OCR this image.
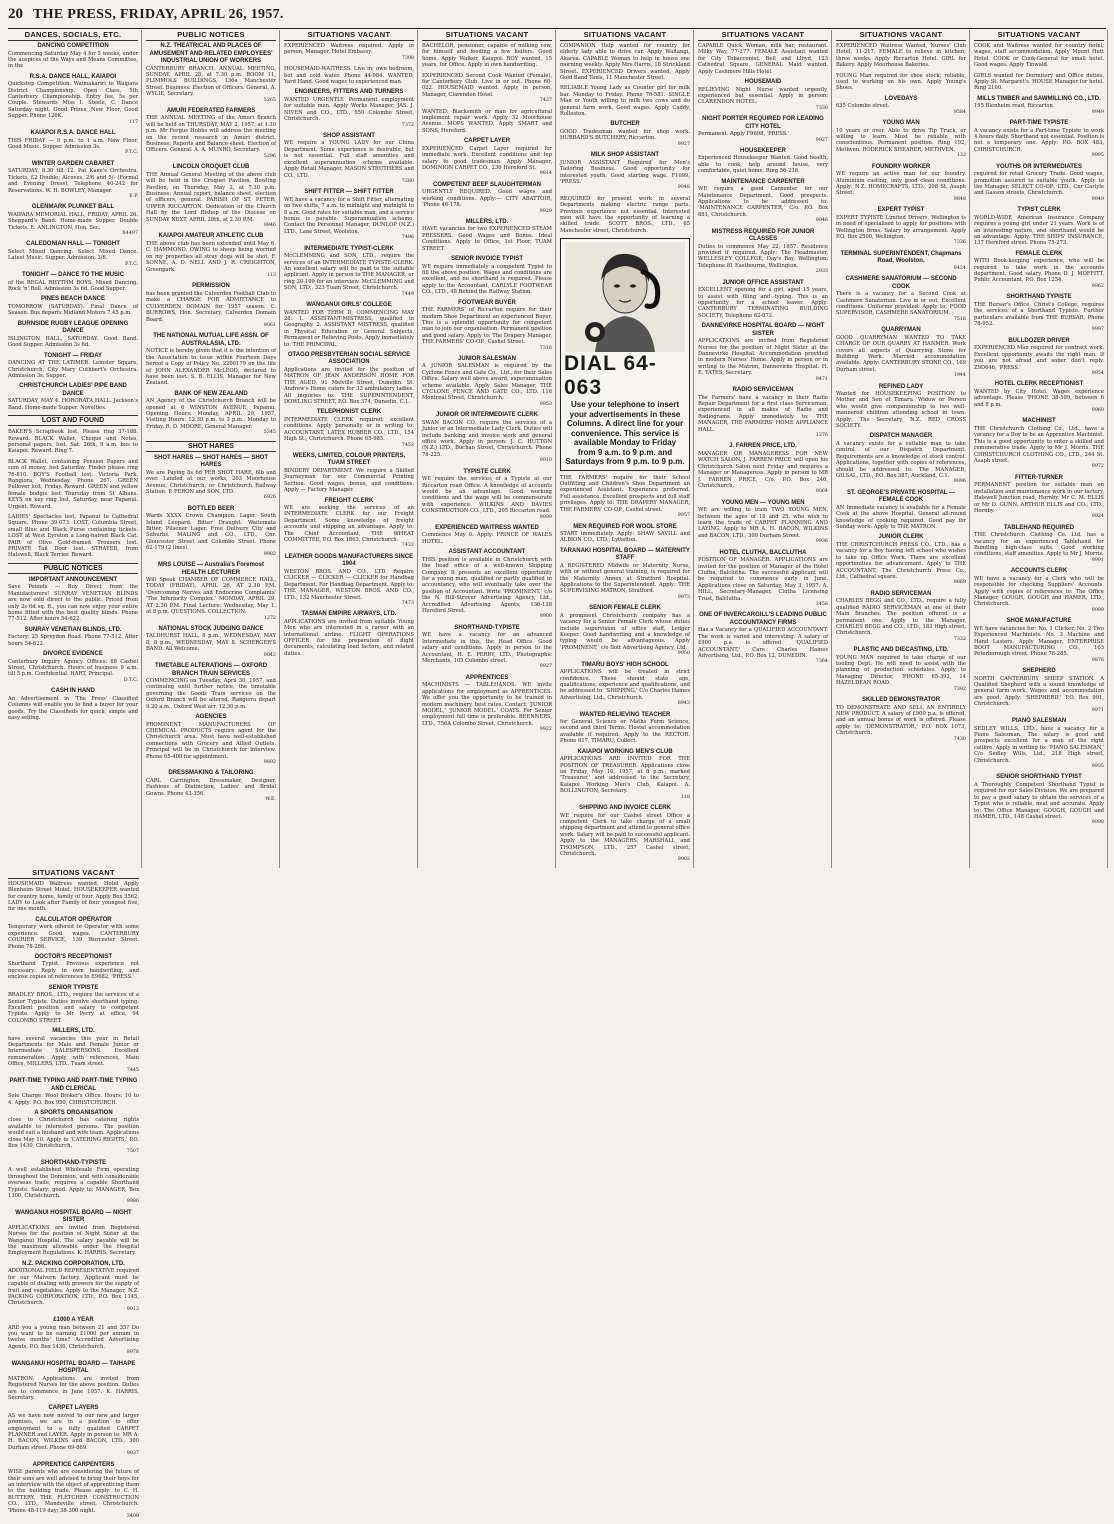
20 THE PRESS, FRIDAY, APRIL 26, 1957.
DANCES, SOCIALS, ETC.
DANCING COMPETITION
Commencing Saturday May 4 for 5 weeks, under the auspices of the Ways and Means Committee, in the
R.S.A. DANCE HALL, KAIAPOI
Quickstep Competition. Waimakariri to Waipara District Championship. Open Class, 5th Canterbury Championship. Entry fee, 5s per Couple. Stewards Miss I. Steele, C. Dance Saturday night. Good Prizes, New Floor, Good Supper. Phone 126K.
117
KAIAPOI R.S.A. DANCE HALL
THIS FRIDAY — 9 p.m. to 1 a.m. New Floor. Good Music. Supper. Admission 3s.
P.T.C.
WINTER GARDEN CABARET
SATURDAY, 8.30 till 12. Pat Kane's Orchestra. Tickets, £2 Double; Alcoves, 2/6 and 5/- (Formal and Evening Dress). Telephone 40-242 for Reservations. W. H. BOWLEY, Manager.
E.P.
GLENMARK PLUNKET BALL
WAIPARA MEMORIAL HALL, FRIDAY, APRIL 26. Sheppard's Band. Home-made Supper. Double Tickets. E. ANLINGTON, Hon. Sec.
X4497
CALEDONIAN HALL — TONIGHT
Select Mixed Dancing. Select Mixed Dance. Latest Music. Supper. Admission, 3/6.
P.T.C.
TONIGHT — DANCE TO THE MUSIC
of the REGAL RHYTHM BOYS. Mixed Dancing. Rock 'n' Roll. Admission 3s 6d. Good Supper.
PINES BEACH DANCE
TOMORROW (SATURDAY). Final Dance of Season. Bus departs Midland Motors 7.45 p.m.
BURNSIDE RUGBY LEAGUE OPENING DANCE
ISLINGTON HALL, SATURDAY. Good Band. Good Supper. Admission 3s 6d.
TONIGHT — FRIDAY
DANCING AT THE LATIMER. Leinster Square, Christchurch. City Mary Cuthbert's Orchestra. Admission 3s. Supper.
CHRISTCHURCH LADIES' PIPE BAND DANCE
SATURDAY, MAY 4. HORORATA HALL. Jackson's Band. Home-made Supper. Novelties.
LOST AND FOUND
BAKER'S Scrapbook lost. Please ring 37-188. Reward. BLACK Wallet, Cheque and Notes, personal papers, lost. Sat. 26th, 9 a.m. bus to Kaiapoi. Reward. Ring 7.
BLACK Wallet, containing Pension Papers and sum of money, lost Saturday. Finder please ring 76-810. BOY'S Football lost, Victoria Park. Rangiora, Wednesday. Phone 267. GREEN Pullover lost, Friday. Reward. GREEN and yellow female budgie lost Thursday from St Albans. KEYS on key ring lost, Saturday, near Papanui. Urgent. Reward.
LADIES' Spectacles lost, Papanui to Cathedral Square. Phone 39-073. LOST, Columbia Street, small Blue and Black Purse containing tickets. LOST at West Eyreton a Long-haired Black Cat. PAIR of Olive Gold-framed Trousers lost. PRIVATE Tail Door lost. STRAYED, from Halswell, Black Terrier. Reward.
PUBLIC NOTICES
IMPORTANT ANNOUNCEMENT
Save Pounds — Buy Direct from the Manufacturers! SUNRAY VENETIAN BLINDS are now sold direct to the public. Priced from only 2s 6d sq. ft., you can now enjoy your entire home fitted with the best quality blinds. Phone 77-512. After hours 54-622.
SUNRAY VENETIAN BLINDS, LTD.
Factory: 25 Spreydon Road. Phone 77-512. After hours 54-622.
DIVORCE EVIDENCE
Canterbury Inquiry Agency. Offices: 68 Cashel Street, Christchurch. Hours of business 9 a.m. till 5 p.m. Confidential. HART, Principal.
D.T.C.
CASH IN HAND
An Advertisement in 'The Press' Classified Columns will enable you to find a buyer for your goods. Try the Classifieds for quick, simple and easy selling.
PUBLIC NOTICES
N.Z. THEATRICAL AND PLACES OF AMUSEMENT AND RELATED EMPLOYEES' INDUSTRIAL UNION OF WORKERS
CANTERBURY BRANCH. ANNUAL MEETING, SUNDAY, APRIL 28, at 7.30 p.m. ROOM 11, PLIMMOLS BUILDINGS, 136a Manchester Street. Business: Election of Officers. General. A. WYLIE, Secretary.
5265
AMURI FEDERATED FARMERS
THE ANNUAL MEETING of the Amuri Branch will be held on THURSDAY, MAY 2, 1957, at 1.30 p.m. Mr Fergus Hobbs will address the meeting on the recent research in Amuri district. Business: Reports and Balance-sheet. Election of Officers. General. A. A. MUNRO, Secretary.
5296
LINCOLN CROQUET CLUB
THE Annual General Meeting of the above club will be held in the Croquet Pavilion, Bowling Pavilion, on Thursday, May 2, at 7.30 p.m. Business: Annual report, balance sheet, election of officers, general. PARISH OF ST. PETER, UPPER RICCARTON. Dedication of the Church Hall by the Lord Bishop of the Diocese on SUNDAY NEXT, APRIL 28th, at 2.30 P.M.
9946
KAIAPOI AMATEUR ATHLETIC CLUB
THE above club has been extended until May 6. C. HAMMOND. OWING to sheep being worried on my properties all stray dogs will be shot. F. SONNE, A. D. NELL AND J. R. CREIGHTON, Greenpark.
113
PERMISSION
has been granted the Culverden Football Club to make a CHARGE FOR ADMITTANCE to CULVERDEN DOMAIN for 1957 season. C. BURROWS, Hon. Secretary, Culverden Domain Board.
9061
THE NATIONAL MUTUAL LIFE ASSN. OF AUSTRALASIA, LTD.
NOTICE is hereby given that it is the intention of the Association to issue within Fourteen Days hereof a Copy of Policy No. 2206179 on the life of JOHN ALEXANDER McLEOD, declared to have been lost. S. B. ELLIS, Manager for New Zealand.
BANK OF NEW ZEALAND
AN Agency of the Christchurch Branch will be opened at 6 WINSTON AVENUE, Papanui. Opening Hours: Monday, APRIL 29, 1957, Visiting Hours: 12.30 p.m. to 3 p.m., Monday to Friday. R. D. MOORE, General Manager.
5345
SHOT HARES
SHOT HARES — SHOT HARES — SHOT HARES
We are Paying 8s 6d PER SHOT HARE, 6lb and over. Landed at our works, 203 Moorhouse Avenue, Christchurch, or Christchurch Railway Station. P. FERON and SON, LTD.
6926
BOTTLED BEER
Wards XXXX Crown Champion. Lager. South Island Leopard. Bitter Draught. Waitemata Bitter. Pilsener Lager. Free Delivery City and Suburbs. MALING and CO., LTD., Cnr. Gloucester Street and Colombo Street. Phone 62-179 (2 lines).
9982
MRS LOUISE — Australia's Foremost HEALTH LECTURER
Will Speak CHAMBER OF COMMERCE HALL, TODAY (FRIDAY), APRIL 26, AT 2.30 P.M. 'Overcoming Nerves and Endocrine Complaints' 'The Inferiority Complex.' MONDAY, APRIL 29, AT 2.30 P.M. Final Lecture: Wednesday, May 1, at 8 p.m. QUESTIONS. COLLECTION.
1272
NATIONAL STOCK JUDGING DANCE
TALDHURST HALL, 8 p.m., WEDNESDAY, MAY 8, 8 p.m., WEDNESDAY, MAY 8. SCHERGER'S BAND. All Welcome.
9042
TIMETABLE ALTERATIONS — OXFORD BRANCH TRAIN SERVICES
COMMENCING on Tuesday, April 30, 1957, and continuing until further notice, the timetable governing the Goods Train services on the Oxford Branch will be altered. Rangiora depart 9.20 a.m., Oxford West arr. 12.30 p.m.
AGENCIES
PROMINENT MANUFACTURERS OF CHEMICAL PRODUCTS require agent for the Christchurch area. Must have well-established connections with Grocery and Allied Outlets. Principal will be in Christchurch for interview. Phone 65-408 for appointment.
9892
DRESSMAKING & TAILORING
CARL Carrington, Dressmaker, Designer, Fashions of Distinction, Ladies' and Bridal Gowns. Phone 43-356.
W.E.
SITUATIONS VACANT
EXPERIENCED Waitress required. Apply in person, Manager, Hotel Embassy.
7398
HOUSEMAID-WAITRESS. Live in; own bedroom, hot and cold water. Phone 44-984. WANTED, Yard Hand. Good wages to experienced man.
ENGINEERS, FITTERS AND TURNERS
WANTED URGENTLY. Permanent employment for suitable men. Apply Works Manager, JAS. J. NIVEN and CO., LTD., 550 Colombo Street, Christchurch.
7372
SHOP ASSISTANT
WE require a YOUNG LADY for our China Department. Some experience is desirable, but is not essential. Full staff amenities and excellent superannuation scheme available. Apply Retail Manager, MASON STRUTHERS and CO., LTD.
7280
SHIFT FITTER — SHIFT FITTER
WE have a vacancy for a Shift Fitter, alternating on two shifts, 7 a.m. to midnight and midnight to 8 a.m. Good rates for suitable man, and a service bonus is payable. Superannuation scheme. Contact the Personnel Manager, DUNLOP (N.Z.) LTD., Lane Street, Woolston.
7496
INTERMEDIATE TYPIST-CLERK
McCLEMMING and SON, LTD., require the services of an INTERMEDIATE TYPISTE-CLERK. An excellent salary will be paid to the suitable applicant. Apply in person to THE MANAGER, or ring 20-109 for an interview. McCLEMMING and SON, LTD., 323 Tuam Street, Christchurch.
7449
WANGANUI GIRLS' COLLEGE
WANTED FOR TERM II, COMMENCING MAY 28: 1. ASSISTANT-MISTRESS, qualified in Geography. 2. ASSISTANT MISTRESS, qualified in Physical Education or General Subjects. Permanent or Relieving Posts. Apply immediately to: THE PRINCIPAL.
OTAGO PRESBYTERIAN SOCIAL SERVICE ASSOCIATION
Applications are invited for the position of MATRON OF JEAN ANDERSON HOME FOR THE AGED, 91 Melville Street, Dunedin. St. Andrew's Home caters for 33 ambulatory ladies. All inquiries to: THE SUPERINTENDENT, DOWLING STREET, P.O. Box 374, Dunedin, C.1.
TELEPHONIST CLERK
INTERMEDIATE CLERK required; excellent conditions. Apply personally or in writing to: ACCOUNTANT, LATEX RUBBER CO., LTD., 154 High St., Christchurch. Phone 65-985.
7453
WEEKS, LIMITED, COLOUR PRINTERS, TUAM STREET
BINDERY DEPARTMENT. We require a Skilled Journeyman for our Commercial Printing Section. Good wages, bonus, and conditions. Apply — Factory Manager.
FREIGHT CLERK
WE are seeking the services of an INTERMEDIATE CLERK for our Freight Department. Some knowledge of freight accounts and shipping an advantage. Apply to: The Chief Accountant, THE WHEAT COMMITTEE, P.O. Box 1863, Christchurch.
7432
LEATHER GOODS MANUFACTURERS SINCE 1904
WESTON BROS. AND CO., LTD. Require CLICKER — CLICKER — CLICKER for Handbag Department. For Handbag Department. Apply to: THE MANAGER, WESTON BROS. AND CO., LTD., 132 Manchester Street.
7473
TASMAN EMPIRE AIRWAYS, LTD.
APPLICATIONS are invited from suitable Young Men who are interested in a career with an international airline. FLIGHT OPERATIONS OFFICER for the preparation of flight documents, calculating load factors, and related duties.
SITUATIONS VACANT
BACHELOR, pensioner, capable of milking cow, for himself and feeding a few heifers. Good home. Apply Walker, Kaiapoi. BOY wanted, 15 years, for Office. Apply in own handwriting.
EXPERIENCED Second Cook Wanted (Female), for Canterbury Club. Live in or out. Phone 60-022. HOUSEMAID wanted. Apply in person, Manager, Clarendon Hotel.
7427
WANTED: Blacksmith or man for agricultural implement repair work. Apply 32 Moorhouse Avenue. MOPS WANTED, Apply SMART and SONS, Hereford.
CARPET LAYER
EXPERIENCED Carpet Layer required for immediate work. Excellent conditions and top salary to good tradesman. Apply Manager, DOMINION CARPET CO., 230 Hereford St.
9814
COMPETENT BEEF SLAUGHTERMAN
URGENTLY REQUIRED. Good wages and working conditions. Apply:— CITY ABATTOIR, 'Phone 46-178.
9929
MILLERS, LTD.
HAVE vacancies for two EXPERIENCED STEAM PRESSERS. Good Wages and Bonus. Ideal Conditions. Apply to Office, 1st Floor, TUAM STREET.
SENIOR INVOICE TYPIST
WE require immediately a competent Typist to fill the above position. Wages and conditions are excellent, and no shorthand is required. Please apply to the Accountant, CARLYLE FOOTWEAR CO., LTD., 48 Behind the Railway Station.
FOOTWEAR BUYER
THE FARMERS' of Riccarton require for their modern Shoe Department an experienced Buyer. This is a splendid opportunity for competent man to join our organisation. Permanent position and good salary. Apply to: The Drapery Manager, THE FARMERS' CO-OP., Cashel Street.
7316
JUNIOR SALESMAN
A JUNIOR SALESMAN is required by the Cyclone Fence and Gate Co., Ltd., for their Sales Office. Salary well above award, superannuation scheme available. Apply Sales Manager, THE CYCLONE FENCE AND GATE CO., LTD. 118 Montreal Street, Christchurch.
9953
JUNIOR OR INTERMEDIATE CLERK
SWAN BACON CO. require the services of a Junior or an Intermediate Lady Clerk. Duties will include banking and invoice work and general office work. Apply in person: J. C. HUTTON (N.Z.) LTD., Buchan Street, Christchurch. Phone 78-225.
9910
TYPISTE CLERK
WE require the services of a Typiste at our Riccarton road Office. A knowledge of accounts would be an advantage. Good working conditions and the wage will be commensurate with experience. WILKINS AND DAVIES CONSTRUCTION CO., LTD., 205 Riccarton road.
9999
EXPERIENCED WAITRESS WANTED
Commence May 6. Apply: PRINCE OF WALES HOTEL.
ASSISTANT ACCOUNTANT
THIS position is available in Christchurch with the head office of a well-known Shipping Company. It presents an excellent opportunity for a young man, qualified or partly qualified in accountancy, who will eventually take over the position of Accountant. Write 'PROMINENT,' c/o the N. Hill-Strover Advertising Agency, Ltd., Accredited Advertising Agents, 136-138 Hereford Street.
9900
SHORTHAND-TYPISTE
WE have a vacancy for an advanced Intermediate in this, the Head Office. Good salary and conditions. Apply in person to the Accountant, H. E. PERRY, LTD., Photographic Merchants, 105 Colombo street.
9927
APPRENTICES
MACHINISTS — TABLEHANDS. WE invite applications for employment as APPRENTICES. We offer you the opportunity to be trained in modern machinery, best rates. Contact: 'JUNIOR MODEL,' 'JUNIOR MODEL.' COATS. For Senior employment full time is preferable. BEENNERS, LTD., 756A Colombo Street, Christchurch.
9922
SITUATIONS VACANT
COMPANION Help wanted for country for elderly lady able to drive car. Apply Waitangi, Akaroa. CAPABLE Woman to help in house one morning weekly. Apply Mrs Harris, 18 Strickland Street. EXPERIENCED Drivers wanted, Apply Gold Band Taxis, 11 Manchester Street.
RELIABLE Young Lady as Counter girl for milk bar. Monday to Friday. Phone 76-581. SINGLE Man or Youth willing to milk two cows and do general farm work. Good wages. Apply Caddy, Rolleston.
BUTCHER
GOOD Tradesman wanted for shop work. HUBBARD'S BUTCHERY, Riccarton.
9927
MILK SHOP ASSISTANT
JUNIOR ASSISTANT Required for Men's Tailoring Business. Good opportunity for interested youth. Good starting wage. F1099, 'PRESS.'
9948
REQUIRED for present work in several Departments making electric range parts. Previous experience not essential. Interested men will have the opportunity of learning a skilled trade. SCOTT BROS., LTD., 65 Manchester street, Christchurch.
DIAL 64-063
Use your telephone to insert your advertisements in these Columns. A direct line for your convenience. This service is available Monday to Friday from 9 a.m. to 9 p.m. and Saturdays from 9 p.m. to 9 p.m.
THE FARMERS' require for their School Outfitting and Children's Shoe Department an experienced Assistant. Experience preferred. Full assistance. Excellent prospects and full staff privileges. Apply to: THE DRAPERY MANAGER, THE FARMERS' CO-OP., Cashel street.
9957
MEN REQUIRED FOR WOOL STORE
START immediately. Apply: SHAW SAVILL and ALBION CO., LTD., Lyttelton.
TARANAKI HOSPITAL BOARD — MATERNITY STAFF
A REGISTERED Midwife or Maternity Nurse, with or without general training, is required for the Maternity Annex at Stratford Hospital. Applications to the Superintendent. Apply: THE SUPERVISING MATRON, Stratford.
9973
SENIOR FEMALE CLERK
A prominent Christchurch company has a vacancy for a Senior Female Clerk whose duties include supervision of office staff, Ledger Keeper. Good handwriting and a knowledge of typing would be advantageous. Apply 'PROMINENT,' c/o Ilott Advertising Agency, Ltd.
9950
TIMARU BOYS' HIGH SCHOOL
APPLICATIONS will be treated in strict confidence. These should state age, qualifications, experience and qualifications, and be addressed to: 'SHIPPING,' C/o Charles Haines Advertising, Ltd., Christchurch.
6943
WANTED RELIEVING TEACHER
for General Science or Maths Form Science, second and third Terms. Hostel accommodation available if required. Apply to the RECTOR. Phone 617, TIMARU, Collect.
KAIAPOI WORKING MEN'S CLUB
APPLICATIONS ARE INVITED FOR THE POSITION OF TREASURER. Applications close on Friday, May 10, 1957, at 8 p.m., marked 'Treasurer,' and addressed to the Secretary, Kaiapoi Working Men's Club, Kaiapoi. A. BOLLINGTON, Secretary.
118
SHIPPING AND INVOICE CLERK
WE require for our Cashel street Office a competent Clerk to take charge of a small shipping department and attend to general office work. Salary will be paid to successful applicant. Apply to the MANAGERS, MARSHALL and THOMPSON, LTD., 257 Cashel street, Christchurch.
9902
SITUATIONS VACANT
CAPABLE Quick Woman, milk bar, restaurant. Milky Way, 77-277. FEMALE Assistant wanted for City Tobacconist. Bell and Lloyd, 123 Cathedral Square. GENERAL Maid wanted. Apply Cashmere Hills Hotel.
HOUSEMAID
RELIEVING Night Nurse wanted urgently, experienced but essential. Apply in person: CLARENDON HOTEL.
7330
NIGHT PORTER REQUIRED FOR LEADING CITY HOTEL
Permanent. Apply F9698, 'PRESS.'
9927
HOUSEKEEPER
Experienced Housekeeper Wanted. Good health, able to cook, help around house, very comfortable, quiet home. Ring 56-238.
MAINTENANCE CARPENTER
WE require a good Carpenter for our Maintenance Department. Good prospects. Applications to be addressed to: 'MAINTENANCE CARPENTER,' C/o. P.O. Box 881, Christchurch.
9946
MISTRESS REQUIRED FOR JUNIOR CLASSES
Duties to commence May 22, 1957. Residence provided if required. Apply: The Headmaster, WELLESLEY COLLEGE, Day's Bay, Wellington. Telephone 81 Eastbourne, Wellington.
2933
JUNIOR OFFICE ASSISTANT
EXCELLENT opening for a girl, aged 15 years, to assist with filing and typing. This is an opportunity for a school leaver. Apply: CANTERBURY TERMINATING BUILDING SOCIETY, Telephone 62-072.
DANNEVIRKE HOSPITAL BOARD — NIGHT SISTER
APPLICATIONS are invited from Registered Nurses for the position of Night Sister at the Dannevirke Hospital. Accommodation provided in modern Nurses' Home. Apply in person or in writing to the Matron, Dannevirke Hospital. H. E. YATES, Secretary.
9471
RADIO SERVICEMAN
The Farmers' have a vacancy in their Radio Repair Department for a first class Serviceman, experienced in all makes of Radio and Radiograms. Apply immediately to: THE MANAGER, THE FARMERS' HOME APPLIANCE HALL.
1276
J. FARREN PRICE, LTD.
MANAGER OR MANAGERESS FOR NEW WATCH SALON. J. FARREN PRICE will open his Christchurch Salon next Friday and requires a Manager or Manageress. Apply in person to MR J. FARREN PRICE, C/o. P.O. Box 246, Christchurch.
9064
YOUNG MEN — YOUNG MEN
WE are willing to train TWO YOUNG MEN, between the ages of 18 and 25, who wish to learn the trade of CARPET PLANNING AND LAYING. Apply to MR A. H. BACON, WILKINS and BACON, LTD., 300 Durham Street.
9936
HOTEL CLUTHA, BALCLUTHA
POSITION OF MANAGER. APPLICATIONS are invited for the position of Manager of the Hotel Clutha, Balclutha. The successful applicant will be required to commence early in June. Applications close on Saturday, May 3, 1957. A. HILL, Secretary-Manager, Clutha Licensing Trust, Balclutha.
3458
ONE OF INVERCARGILL'S LEADING PUBLIC ACCOUNTANCY FIRMS
Has a Vacancy for a QUALIFIED ACCOUNTANT. The work is varied and interesting. A salary of £900 p.a. is offered. 'QUALIFIED ACCOUNTANT,' Care Charles Haines Advertising, Ltd., P.O. Box 12, DUNEDIN.
7364
SITUATIONS VACANT
EXPERIENCED Waitress Wanted, Nurses' Club Hotel, 11-217. FEMALE to relieve in kitchen; three weeks. Apply Riccarton Hotel. GIRL for Bakery. Apply Moorhouse Bakeries.
YOUNG Man required for shoe stock; reliable, used to working on his own. Apply Young's Shoes.
LOVEDAYS
635 Colombo street.
9584
YOUNG MAN
10 years or over. Able to drive Tip Truck, or willing to learn. Must be reliable with conscientious. Permanent position. Ring 192, Methven. RODERICK SHEARER, METHVEN.
132
FOUNDRY WORKER
WE require an active man for our foundry. Aluminium casting, only good clean conditions. Apply: N.Z. HOMECRAFTS, LTD., 208 St. Asaph Street.
9848
EXPERT TYPIST
EXPERT TYPISTE Limited Drivers. Wellington is in need of specialised to apply for positions with Wellington firms. Salary by arrangement. Apply P.O. Box 2500, Wellington.
7336
TERMINAL SUPERINTENDENT, Chapmans Road, Woolston.
9424
CASHMERE SANATORIUM — SECOND COOK
There is a vacancy for a Second Cook at Cashmere Sanatorium. Live in or out. Excellent conditions. Uniforms provided. Apply to: FOOD SUPERVISOR, CASHMERE SANATORIUM.
7516
QUARRYMAN
GOOD QUARRYMAN WANTED TO TAKE CHARGE OF OUR QUARRY AT HANMER. Work covers all aspects of Quarrying Stone for Building Work. Married accommodation available. Apply: CANTERBURY STONE CO., 169 Durham street.
1944
REFINED LADY
Wanted for HOUSEKEEPING POSITION to Mother and Son of Timaru. Widow or Person who would give companionship to two well-mannered children attending school in town. Apply: The Secretary, N.Z. RED CROSS SOCIETY.
DISPATCH MANAGER
A vacancy exists for a suitable man to take control of our Dispatch Department. Requirements are a knowledge of stock control. Applications, together with copies of references, should be addressed to: The MANAGER, GILSAL, LTD., P.O. Box 387, Auckland, C.1.
9896
ST. GEORGE'S PRIVATE HOSPITAL — FEMALE COOK
AN Immediate vacancy is available for a Female Cook at the above Hospital. General all-round knowledge of cooking required. Good pay for Sunday work. Apply to THE MATRON.
JUNIOR CLERK
THE CHRISTCHURCH PRESS CO., LTD., has a vacancy for a Boy having left school who wishes to take up Office Work. There are excellent opportunities for advancement. Apply to THE ACCOUNTANT, The Christchurch Press Co., Ltd., Cathedral square.
9869
RADIO SERVICEMAN
CHARLES BEGG and CO., LTD., require a fully qualified RADIO SERVICEMAN at one of their Main Branches. The position offered is a permanent one. Apply to the Manager, CHARLES BEGG and CO., LTD., 183 High street, Christchurch.
7332
PLASTIC AND DIECASTING, LTD.
YOUNG MAN required to take charge of our tooling Dept. He will need to assist with the planning of production schedules. Apply to Managing Director, 'PHONE 65-392, 14 HAZELDEAN ROAD.
7392
SKILLED DEMONSTRATOR
TO DEMONSTRATE AND SELL AN ENTIRELY NEW PRODUCT. A salary of £900 p.a. is offered, and an annual bonus of work is offered. Please apply to: 'DEMONSTRATOR,' P.O. BOX 1073, Christchurch.
7430
SITUATIONS VACANT
COOK and Waitress wanted for country hotel; wages, staff accommodation. Apply Mount Hutt Hotel. COOK or Cook-General for small hotel. Good wages. Apply Tinwald.
GIRLS wanted for Dormitory and Office duties. Apply St. Margaret's. HOUSE Manager for hotel. Ring 2100.
MILLS TIMBER and SAWMILLING CO., LTD.
195 Blenheim road, Riccarton.
9949
PART-TIME TYPISTE
A vacancy exists for a Part-time Typiste to work 4 hours daily. Shorthand not essential. Position is not a temporary one. Apply: P.O. BOX 483, CHRISTCHURCH.
9995
YOUTHS OR INTERMEDIATES
required for retail Grocery Trade. Good wages, promotion assured to suitable youth. Apply to the Manager, SELECT CO-OP., LTD., Cnr Carlyle and Gasson streets, Christchurch.
9949
TYPIST CLERK
WORLD-WIDE American Insurance Company requires a young girl under 21 years. Work is of an interesting nature, and shorthand would be an advantage. Apply: THE SHIPS' INSURANCE, 137 Hereford street. Phone 75-273.
FEMALE CLERK
WITH Book-keeping experience, who will be required to take work in the accounts department. Good salary. Phone D. J. MOFFITT, Public Accountant, P.O. Box 1254.
9962
SHORTHAND TYPISTE
THE Bursar's Office, Christ's College, requires the services of a Shorthand Typiste. Further particulars available from THE BURSAR, Phone 78-952.
9997
BULLDOZER DRIVER
EXPERIENCED Man required for contract work. Excellent opportunity awaits the right man. If you are not afraid and sober don't reply. Z9D646, 'PRESS.'
9954
HOTEL CLERK RECEPTIONIST
WANTED by City Hotel. Wages experience advantage. Please 'PHONE 38-599, between 6 and 8 p.m.
9960
MACHINIST
THE Christchurch Clothing Co., Ltd., have a vacancy for a Boy to be an Apprentice Machinist. This is a good opportunity to enter a skilled and remunerative trade. Apply to Mr J. Morris. THE CHRISTCHURCH CLOTHING CO., LTD., 244 St. Asaph street.
9972
FITTER-TURNER
PERMANENT position for suitable man on installation and maintenance work in our factory, Halswell Junction road, Hornby. Mr C. M. ELLIS or Mr D. GUNN, ARTHUR ELLIS and CO., LTD., Hornby.
9924
TABLEHAND REQUIRED
THE Christchurch Clothing Co. Ltd. has a vacancy for an experienced Tablehand for Bundling high-class suits. Good working conditions, staff amenities. Apply to Mr J. Morris.
9991
ACCOUNTS CLERK
WE have a vacancy for a Clerk who will be responsible for checking Suppliers' Accounts. Apply with copies of references to: The Office Manager, GOUGH, GOUGH and HAMER, LTD., Christchurch.
9999
SHOE MANUFACTURE
WE have vacancies for: No. 1 Clicker. No. 2 Two Experienced Machinists. No. 3 Machine and Hand Lasters. Apply Manager, ENTERPRISE BOOT MANUFACTURING CO., 103 Peterborough street. Phone 78-285.
9876
SHEPHERD
NORTH CANTERBURY SHEEP STATION. A Qualified Shepherd with a sound knowledge of general farm work. Wages and accommodation are good. Apply: 'SHEPHERD,' P.O. Box 991, Christchurch.
9971
PIANO SALESMAN
SEDLEY WILLS, LTD., have a vacancy for a Piano Salesman. The salary is good and prospects excellent for a man of the right calibre. Apply in writing to: 'PIANO SALESMAN,' C/o Sedley Wills, Ltd., 218 High street, Christchurch.
9935
SENIOR SHORTHAND TYPIST
A Thoroughly Competent Shorthand Typist is required for our Sales Division. We are prepared to pay a good salary to obtain the services of a Typist who is reliable, neat and accurate. Apply to: The Office Manager, GOUGH, GOUGH and HAMER, LTD., 148 Cashel street.
9998
SITUATIONS VACANT
HOUSEMAID Waitress wanted. Hotel Apply Blenheim Street Motel. HOUSEKEEPER wanted for country home, family of four. Apply Box 3562. LADY to Look after Family of four youngest five, for one month.
CALCULATOR OPERATOR
Temporary work offered to Operator with some experience. Good wages. CANTERBURY COURIER SERVICE, 139 Worcester Street. Phone 78-286.
DOCTOR'S RECEPTIONIST
Shorthand Typist. Previous experience not necessary. Reply in own handwriting, and enclose copies of references to E9682, 'PRESS.'
SENIOR TYPISTE
BRADLEY BROS., LTD., require the services of a Senior Typiste. Duties involve shorthand typing. Excellent position and salary to competent Typiste. Apply to Mr Perry at office, 94 COLOMBO STREET.
MILLERS, LTD.
have several vacancies this year in Retail Departments for Male and Female Junior or Intermediate SALESPERSONS. Excellent remuneration. Apply with references, Main Office, MILLERS, LTD., Tuam street.
7445
PART-TIME TYPING AND PART-TIME TYPING AND CLERICAL
Sole Charge. Wool Broker's Office. Hours: 10 to 4. Apply: P.O. Box 950, CHRISTCHURCH.
A SPORTS ORGANISATION
close to Christchurch has catering rights available to interested persons. The position would suit a husband and wife team. Applications close May 10. Apply to 'CATERING RIGHTS,' P.O. Box 1430, Christchurch.
7507
SHORTHAND-TYPISTE
A well established Wholesale Firm operating throughout the Dominion, and with considerable overseas trade, requires a capable Shorthand Typiste. Salary: good. Apply to: MANAGER, Box 1300, Christchurch.
9986
WANGANUI HOSPITAL BOARD — NIGHT SISTER
APPLICATIONS are invited from Registered Nurses for the position of Night Sister at the Wanganui Hospital. The salary payable will be the maximum allowable under the Hospital Employment Regulations. K. HARRIS, Secretary.
N.Z. PACKING CORPORATION, LTD.
ADDITIONAL FIELD REPRESENTATIVE required for our Malvern factory. Applicant must be capable of dealing with growers for the supply of fruit and vegetables. Apply to the Manager, N.Z. PACKING CORPORATION, LTD., P.O. Box 1145, Christchurch.
9913
£1000 A YEAR
ARE you a young man between 21 and 35? Do you want to be earning £1000 per annum in twelve months' time? Accredited Advertising Agents, P.O. Box 1430, Christchurch.
9978
WANGANUI HOSPITAL BOARD — TAIHAPE HOSPITAL
MATRON. Applications are invited from Registered Nurses for the above position. Duties are to commence in June 1957. K. HARRIS, Secretary.
CARPET LAYERS
AS we have now moved to our new and larger premises, we are in a position to offer employment to a fully qualified CARPET PLANNER and LAYER. Apply in person to: MR A. H. BACON, WILKINS and BACON, LTD., 300 Durham street. Phone 69-869.
9937
APPRENTICE CARPENTERS
WISE parents who are considering the future of their sons are well advised to bring their boys for an interview with the object of apprenticing them to the building trade. Please apply: to C. H. BUTTERY, THE FLETCHER CONSTRUCTION CO., LTD., Mandeville street, Christchurch. 'Phone 48-119 day; 38-300 night.
3409
